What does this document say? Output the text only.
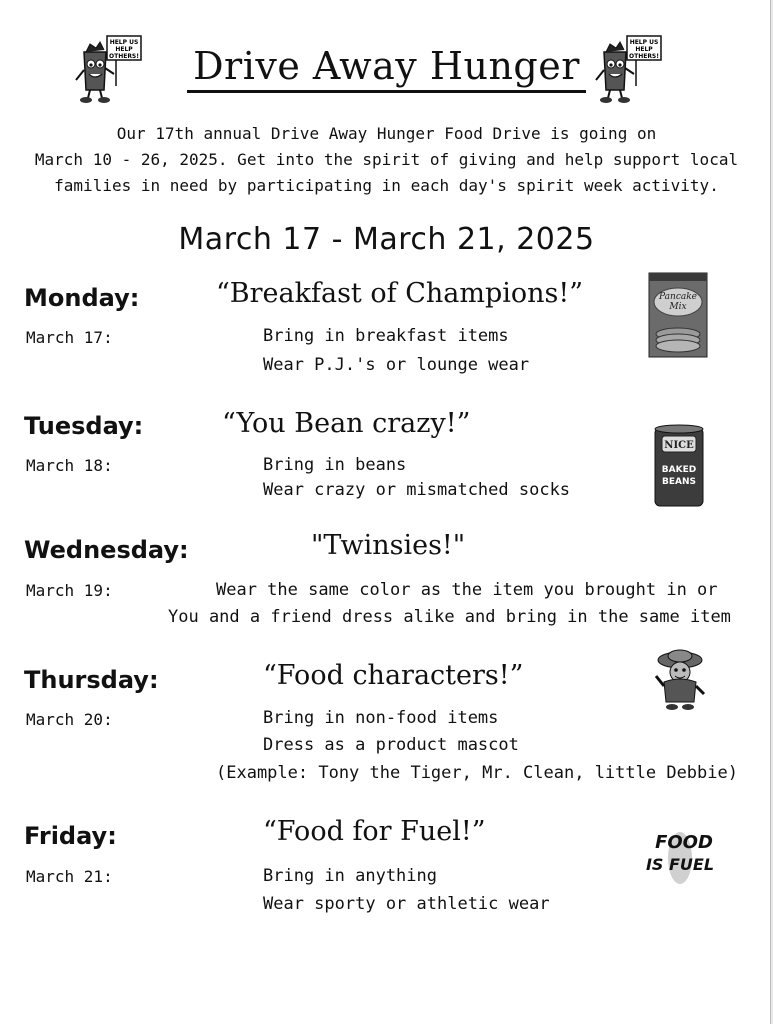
HELP US
HELP
OTHERS!
HELP US
HELP
OTHERS!
Drive Away Hunger
Our 17th annual Drive Away Hunger Food Drive is going on
March 10 - 26, 2025. Get into the spirit of giving and help support local
families in need by participating in each day's spirit week activity.
March 17 - March 21, 2025
Monday:	“Breakfast of Champions!”
March 17:	Bring in breakfast items
Wear P.J.'s or lounge wear
Pancake
Mix
Tuesday:	“You Bean crazy!”
March 18:	Bring in beans
Wear crazy or mismatched socks
NICE
BAKED
BEANS
Wednesday:	"Twinsies!"
March 19:	Wear the same color as the item you brought in or
You and a friend dress alike and bring in the same item
Thursday:	“Food characters!”
March 20:	Bring in non-food items
Dress as a product mascot
(Example: Tony the Tiger, Mr. Clean, little Debbie)
Friday:	“Food for Fuel!”
March 21:	Bring in anything
Wear sporty or athletic wear
FOOD
IS FUEL
